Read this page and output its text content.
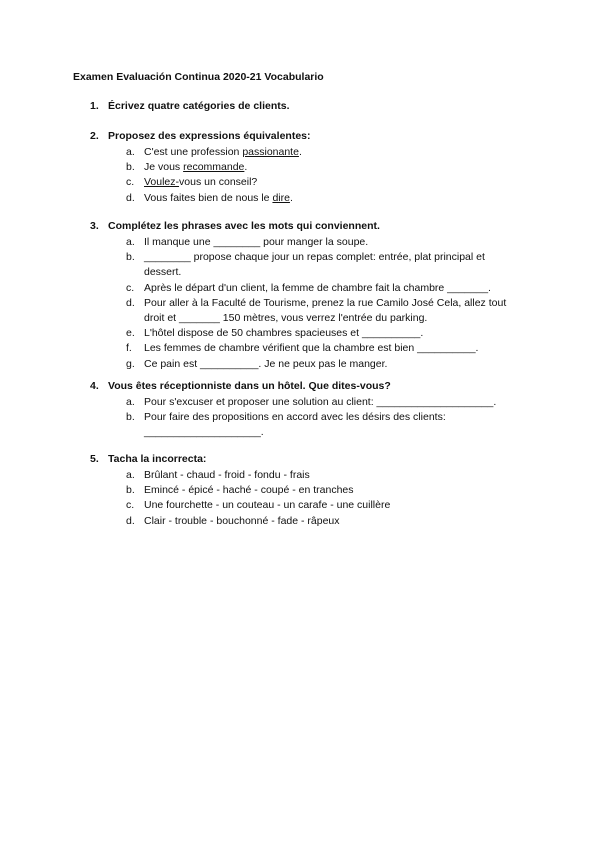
Examen Evaluación Continua 2020-21 Vocabulario
1. Écrivez quatre catégories de clients.
2. Proposez des expressions équivalentes:
a. C'est une profession passionante.
b. Je vous recommande.
c. Voulez-vous un conseil?
d. Vous faites bien de nous le dire.
3. Complétez les phrases avec les mots qui conviennent.
a. Il manque une ________ pour manger la soupe.
b. ________ propose chaque jour un repas complet: entrée, plat principal et dessert.
c. Après le départ d'un client, la femme de chambre fait la chambre _______.
d. Pour aller à la Faculté de Tourisme, prenez la rue Camilo José Cela, allez tout droit et _______ 150 mètres, vous verrez l'entrée du parking.
e. L'hôtel dispose de 50 chambres spacieuses et __________.
f.	Les femmes de chambre vérifient que la chambre est bien __________.
g. Ce pain est __________. Je ne peux pas le manger.
4. Vous êtes réceptionniste dans un hôtel. Que dites-vous?
a. Pour s'excuser et proposer une solution au client: ____________________.
b. Pour faire des propositions en accord avec les désirs des clients: ____________________.
5. Tacha la incorrecta:
a. Brûlant - chaud - froid - fondu - frais
b. Emincé - épicé - haché - coupé - en tranches
c. Une fourchette - un couteau - un carafe - une cuillère
d. Clair - trouble - bouchonné - fade - râpeux
